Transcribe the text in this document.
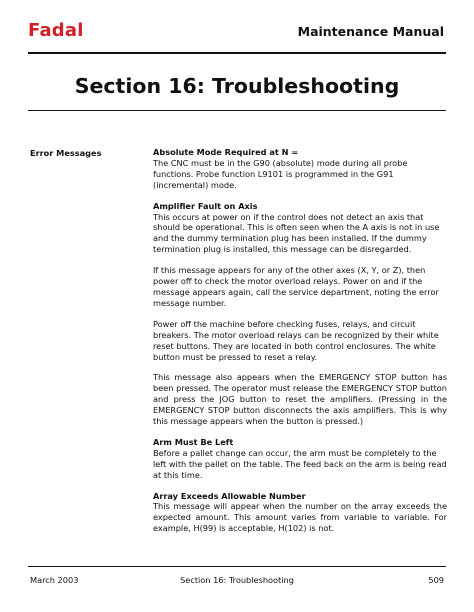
Fadal	Maintenance Manual
Section 16: Troubleshooting
Error Messages	Absolute Mode Required at N =
The CNC must be in the G90 (absolute) mode during all probe functions. Probe function L9101 is programmed in the G91 (incremental) mode.
Amplifier Fault on Axis
This occurs at power on if the control does not detect an axis that should be operational. This is often seen when the A axis is not in use and the dummy termination plug has been installed. If the dummy termination plug is installed, this message can be disregarded.
If this message appears for any of the other axes (X, Y, or Z), then power off to check the motor overload relays. Power on and if the message appears again, call the service department, noting the error message number.
Power off the machine before checking fuses, relays, and circuit breakers. The motor overload relays can be recognized by their white reset buttons. They are located in both control enclosures. The white button must be pressed to reset a relay.
This message also appears when the EMERGENCY STOP button has been pressed. The operator must release the EMERGENCY STOP button and press the JOG button to reset the amplifiers. (Pressing in the EMERGENCY STOP button disconnects the axis amplifiers. This is why this message appears when the button is pressed.)
Arm Must Be Left
Before a pallet change can occur, the arm must be completely to the left with the pallet on the table. The feed back on the arm is being read at this time.
Array Exceeds Allowable Number
This message will appear when the number on the array exceeds the expected amount. This amount varies from variable to variable. For example, H(99) is acceptable, H(102) is not.
March 2003	Section 16: Troubleshooting	509
